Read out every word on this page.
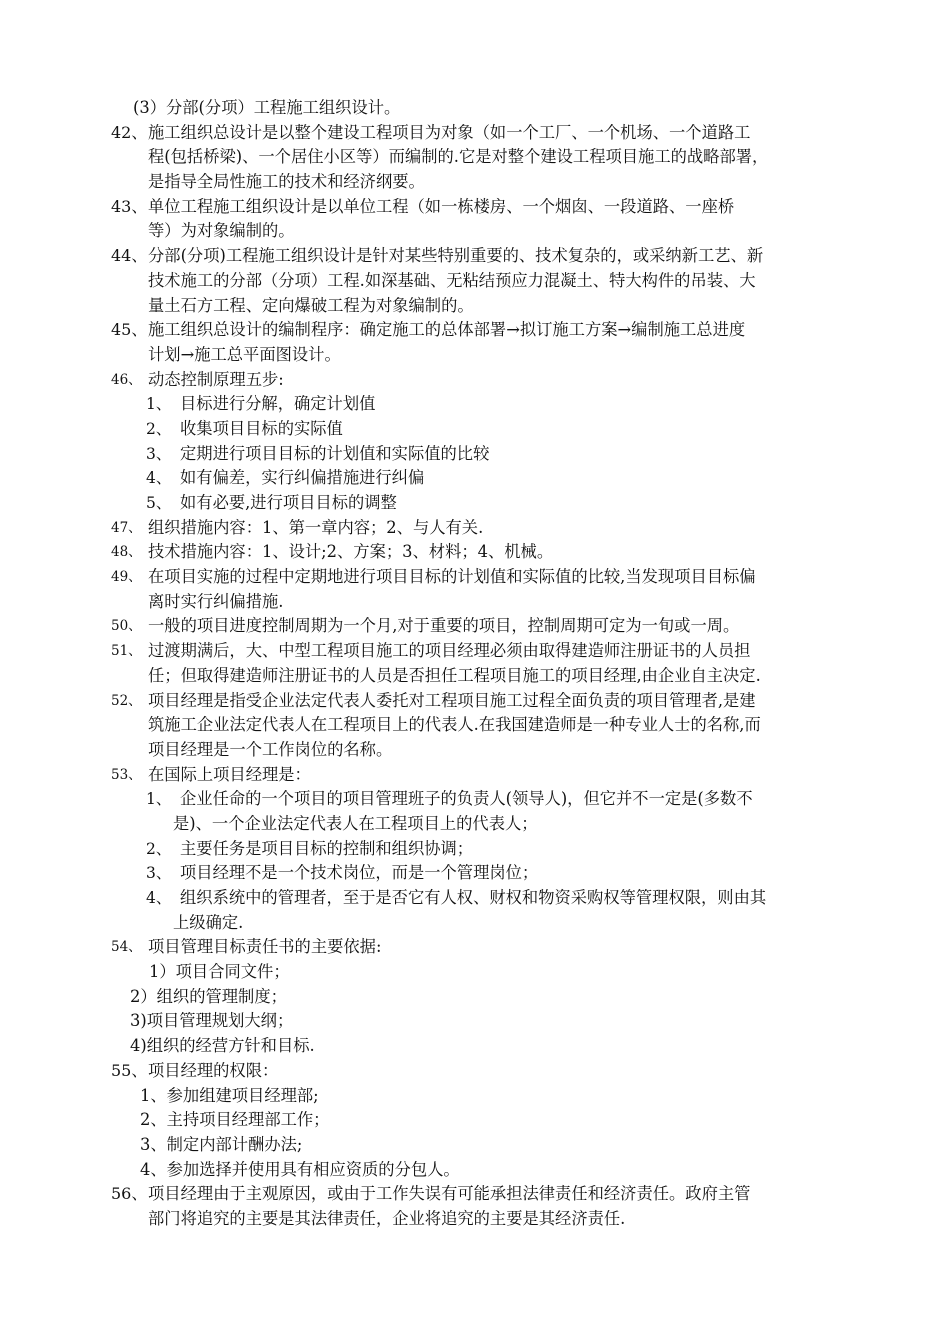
(3）分部(分项）工程施工组织设计。
42、 施工组织总设计是以整个建设工程项目为对象（如一个工厂、一个机场、一个道路工
程(包括桥梁)、一个居住小区等）而编制的.它是对整个建设工程项目施工的战略部署，
是指导全局性施工的技术和经济纲要。
43、 单位工程施工组织设计是以单位工程（如一栋楼房、一个烟囱、一段道路、一座桥
等）为对象编制的。
44、 分部(分项)工程施工组织设计是针对某些特别重要的、技术复杂的，或采纳新工艺、新
技术施工的分部（分项）工程.如深基础、无粘结预应力混凝土、特大构件的吊装、大
量土石方工程、定向爆破工程为对象编制的。
45、 施工组织总设计的编制程序：确定施工的总体部署→拟订施工方案→编制施工总进度
计划→施工总平面图设计。
46、 动态控制原理五步:
1、 目标进行分解，确定计划值
2、 收集项目目标的实际值
3、 定期进行项目目标的计划值和实际值的比较
4、 如有偏差，实行纠偏措施进行纠偏
5、 如有必要,进行项目目标的调整
47、 组织措施内容：1、第一章内容；2、与人有关.
48、 技术措施内容：1、设计;2、方案；3、材料；4、机械。
49、 在项目实施的过程中定期地进行项目目标的计划值和实际值的比较,当发现项目目标偏
离时实行纠偏措施.
50、 一般的项目进度控制周期为一个月,对于重要的项目，控制周期可定为一旬或一周。
51、 过渡期满后，大、中型工程项目施工的项目经理必须由取得建造师注册证书的人员担
任；但取得建造师注册证书的人员是否担任工程项目施工的项目经理,由企业自主决定.
52、 项目经理是指受企业法定代表人委托对工程项目施工过程全面负责的项目管理者,是建
筑施工企业法定代表人在工程项目上的代表人.在我国建造师是一种专业人士的名称,而
项目经理是一个工作岗位的名称。
53、 在国际上项目经理是：
1、 企业任命的一个项目的项目管理班子的负责人(领导人)，但它并不一定是(多数不
是)、一个企业法定代表人在工程项目上的代表人；
2、 主要任务是项目目标的控制和组织协调；
3、 项目经理不是一个技术岗位，而是一个管理岗位；
4、 组织系统中的管理者，至于是否它有人权、财权和物资采购权等管理权限，则由其
上级确定.
54、 项目管理目标责任书的主要依据:
1）项目合同文件；
2）组织的管理制度；
3)项目管理规划大纲；
4)组织的经营方针和目标.
55、 项目经理的权限：
1、参加组建项目经理部;
2、主持项目经理部工作；
3、制定内部计酬办法;
4、参加选择并使用具有相应资质的分包人。
56、 项目经理由于主观原因，或由于工作失误有可能承担法律责任和经济责任。政府主管
部门将追究的主要是其法律责任，企业将追究的主要是其经济责任.
